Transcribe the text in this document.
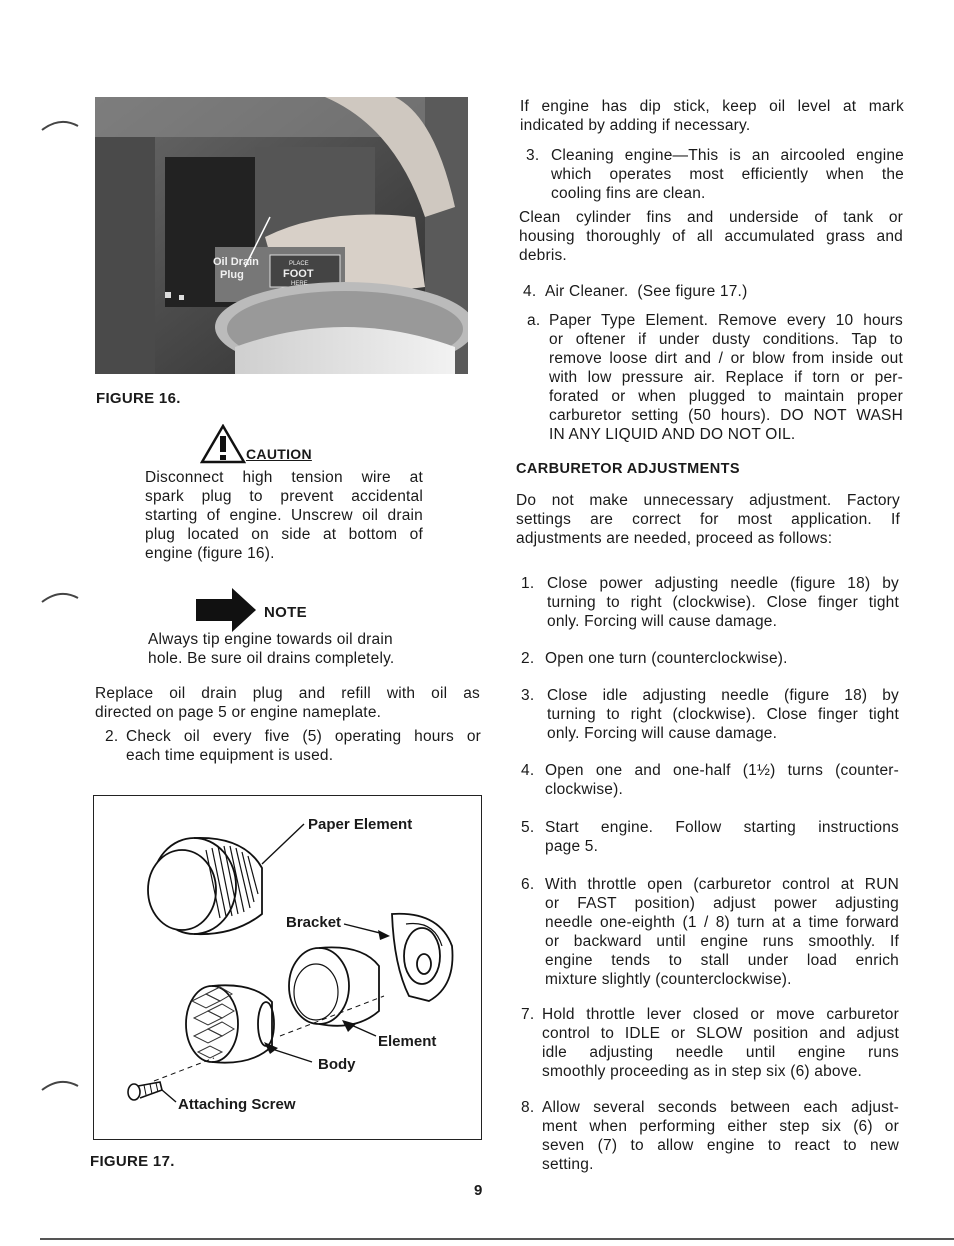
Oil Drain
Plug
PLACE
FOOT
HERE
FIGURE 16.
CAUTION
Disconnect high tension wire at
spark plug to prevent accidental
starting of engine. Unscrew oil drain
plug located on side at bottom of
engine (figure 16).
NOTE
Always tip engine towards oil drain
hole. Be sure oil drains completely.
Replace oil drain plug and refill with oil as
directed on page 5 or engine nameplate.
2. Check oil every five (5) operating hours or
each time equipment is used.
Paper Element
Bracket
Element
Body
Attaching Screw
FIGURE 17.
If engine has dip stick, keep oil level at mark
indicated by adding if necessary.
3. Cleaning engine—This is an aircooled engine
which operates most efficiently when the
cooling fins are clean.
Clean cylinder fins and underside of tank or
housing thoroughly of all accumulated grass and
debris.
4. Air Cleaner.  (See figure 17.)
a. Paper Type Element. Remove every 10 hours
or oftener if under dusty conditions. Tap to
remove loose dirt and / or blow from inside out
with low pressure air. Replace if torn or per-
forated or when plugged to maintain proper
carburetor setting (50 hours). DO NOT WASH
IN ANY LIQUID AND DO NOT OIL.
CARBURETOR ADJUSTMENTS
Do not make unnecessary adjustment. Factory
settings are correct for most application. If
adjustments are needed, proceed as follows:
1. Close power adjusting needle (figure 18) by
turning to right (clockwise). Close finger tight
only. Forcing will cause damage.
2. Open one turn (counterclockwise).
3. Close idle adjusting needle (figure 18) by
turning to right (clockwise). Close finger tight
only. Forcing will cause damage.
4. Open one and one-half (1½) turns (counter-
clockwise).
5. Start engine. Follow starting instructions
page 5.
6. With throttle open (carburetor control at RUN
or FAST position) adjust power adjusting
needle one-eighth (1 / 8) turn at a time forward
or backward until engine runs smoothly. If
engine tends to stall under load enrich
mixture slightly (counterclockwise).
7. Hold throttle lever closed or move carburetor
control to IDLE or SLOW position and adjust
idle adjusting needle until engine runs
smoothly proceeding as in step six (6) above.
8. Allow several seconds between each adjust-
ment when performing either step six (6) or
seven (7) to allow engine to react to new
setting.
9
